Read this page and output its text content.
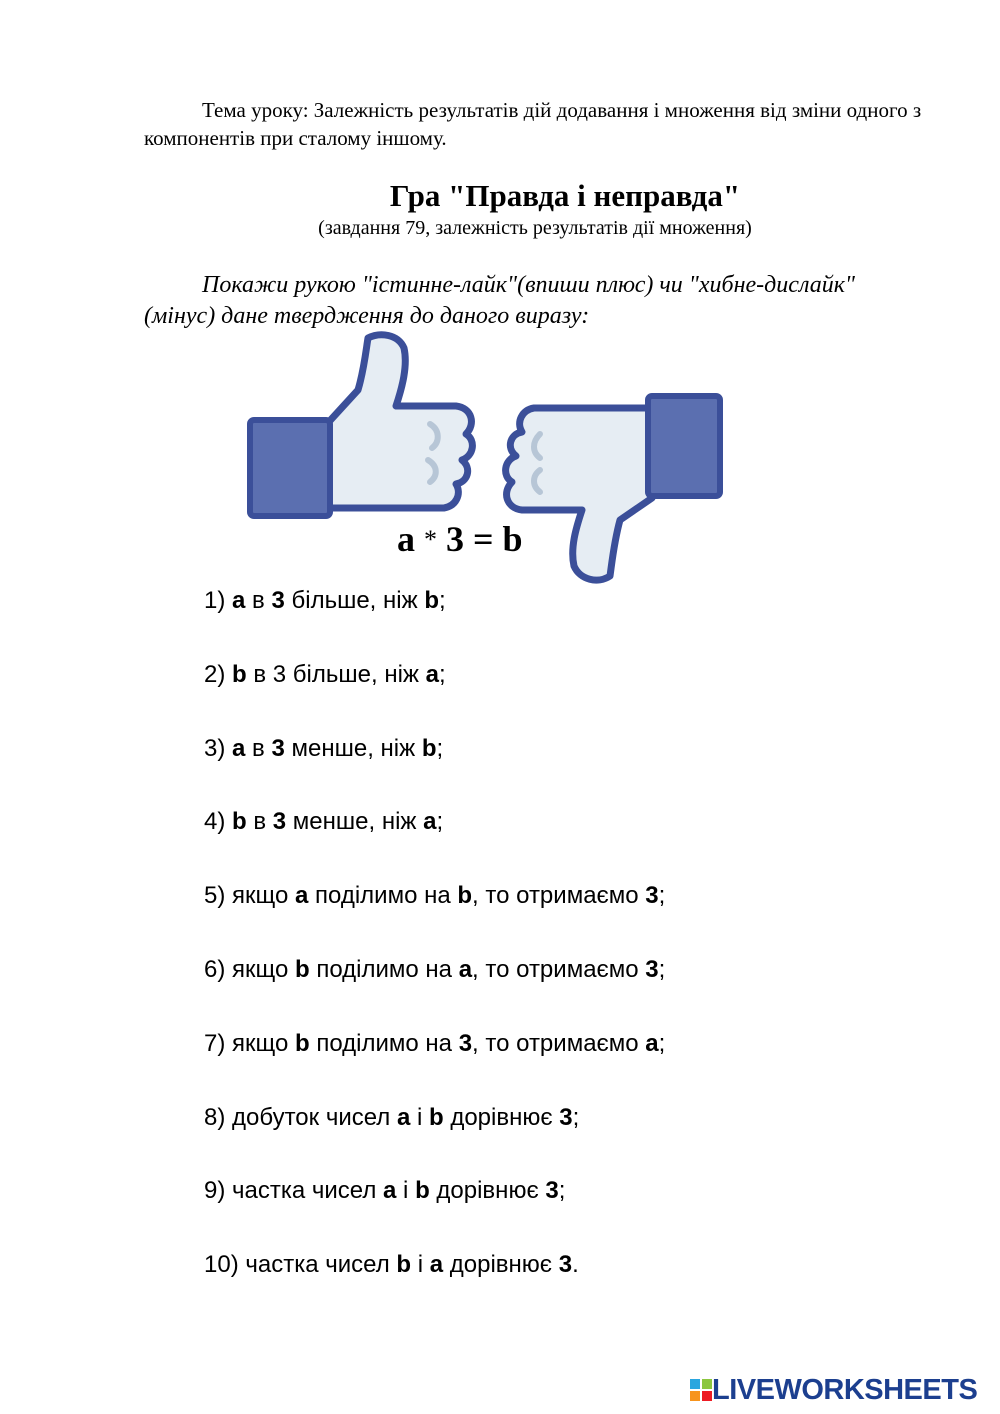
Тема уроку: Залежність результатів дій додавання і множення від зміни одного з компонентів при сталому іншому.
Гра "Правда і неправда"
(завдання 79, залежність результатів дії множення)
Покажи рукою "істинне-лайк"(впиши плюс) чи "хибне-дислайк"(мінус) дане твердження до даного виразу:
a * 3 = b
1) a в 3 більше, ніж b;
2) b в 3 більше, ніж a;
3) a в 3 менше, ніж b;
4) b в 3 менше, ніж a;
5) якщо a поділимо на b, то отримаємо 3;
6) якщо b поділимо на a, то отримаємо 3;
7) якщо b поділимо на 3, то отримаємо a;
8) добуток чисел a і b дорівнює 3;
9) частка чисел a і b дорівнює 3;
10) частка чисел b і a дорівнює 3.
LIVEWORKSHEETS
